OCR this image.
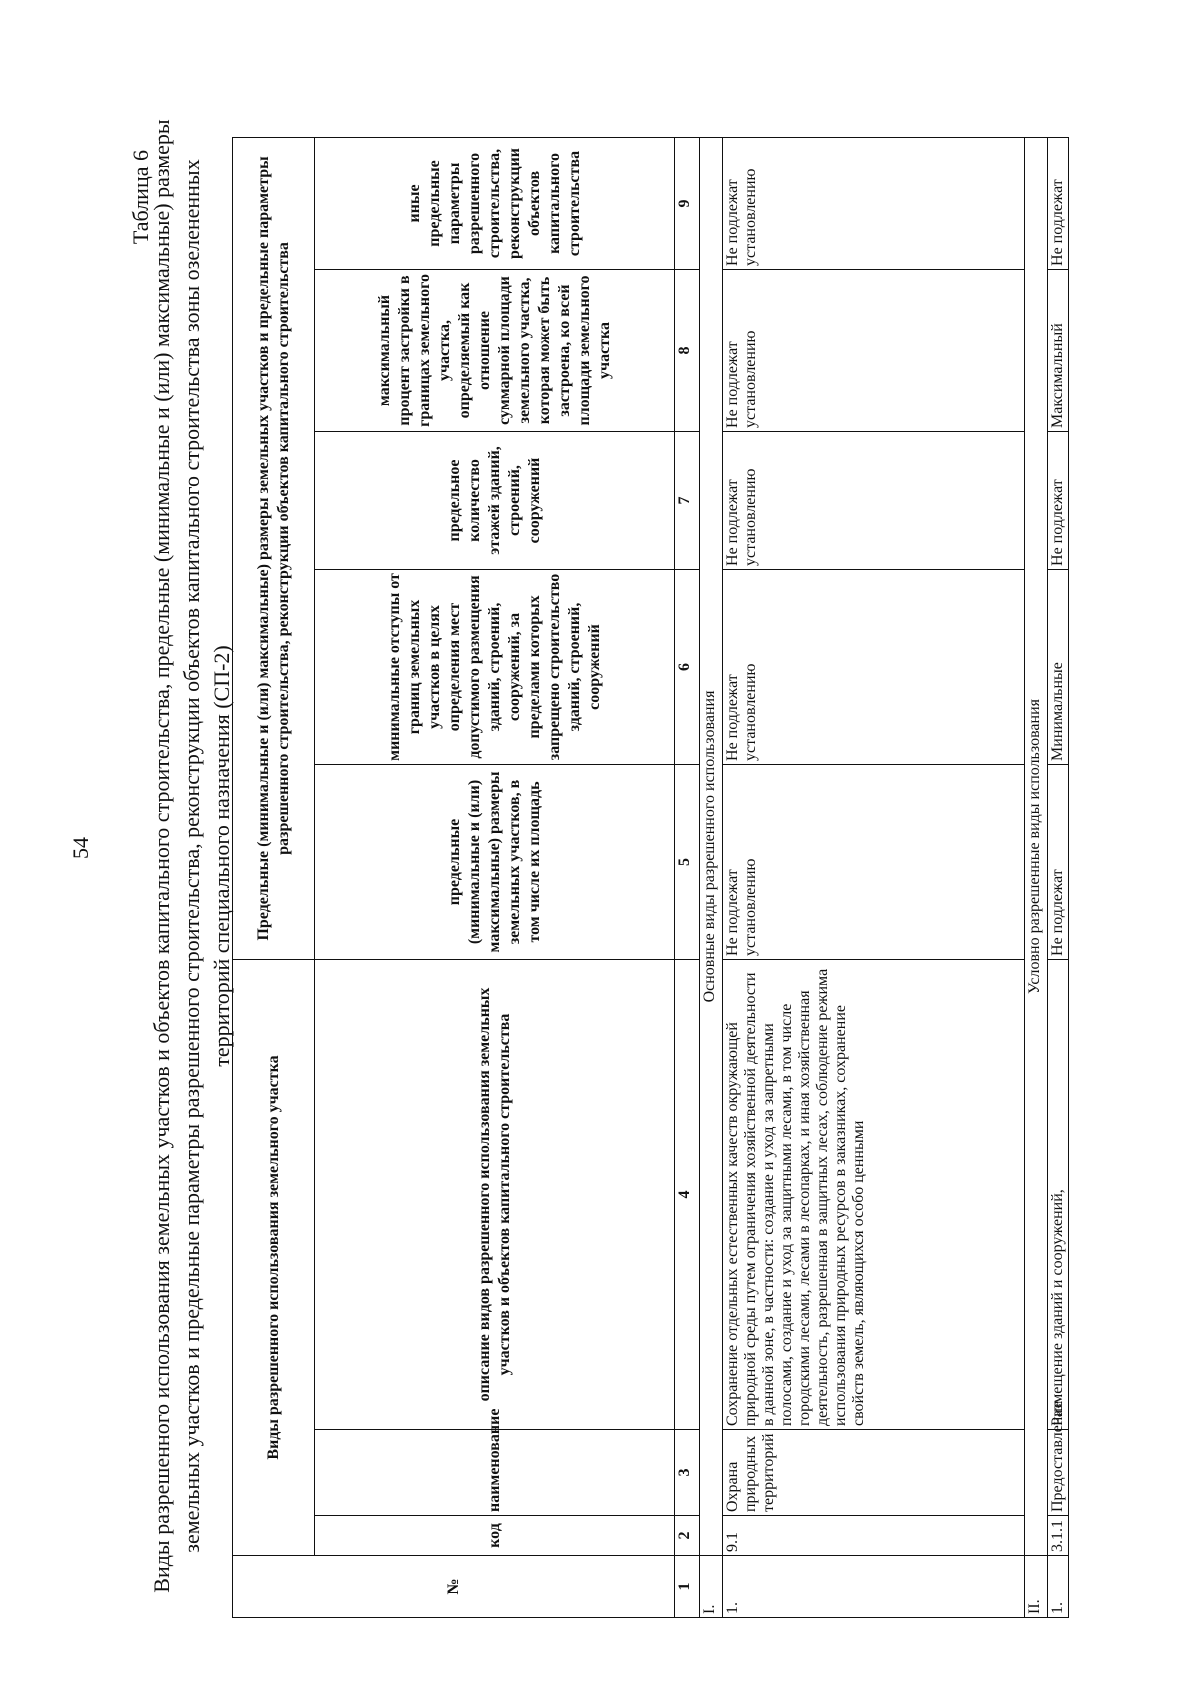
54
Таблица 6
Виды разрешенного использования земельных участков и объектов капитального строительства, предельные (минимальные и (или) максимальные) размеры земельных участков и предельные параметры разрешенного строительства, реконструкции объектов капитального строительства зоны озелененных территорий специального назначения (СП-2)
№	Виды разрешенного использования земельного участка			Предельные (минимальные и (или) максимальные) размеры земельных участков и предельные параметры разрешенного строительства, реконструкции объектов капитального строительства				
	код	наименование	описание видов разрешенного использования земельных участков и объектов капитального строительства	предельные (минимальные и (или) максимальные) размеры земельных участков, в том числе их площадь	минимальные отступы от границ земельных участков в целях определения мест допустимого размещения зданий, строений, сооружений, за пределами которых запрещено строительство зданий, строений, сооружений	предельное количество этажей зданий, строений, сооружений	максимальный процент застройки в границах земельного участка, определяемый как отношение суммарной площади земельного участка, которая может быть застроена, ко всей площади земельного участка	иные предельные параметры разрешенного строительства, реконструкции объектов капитального строительства
1	2	3	4	5	6	7	8	9
I.	Основные виды разрешенного использования							
1.	9.1	Охрана природных территорий	Сохранение отдельных естественных качеств окружающей природной среды путем ограничения хозяйственной деятельности в данной зоне, в частности: создание и уход за запретными полосами, создание и уход за защитными лесами, в том числе городскими лесами, лесами в лесопарках, и иная хозяйственная деятельность, разрешенная в защитных лесах, соблюдение режима использования природных ресурсов в заказниках, сохранение свойств земель, являющихся особо ценными	Не подлежат установлению	Не подлежат установлению	Не подлежат установлению	Не подлежат установлению	Не подлежат установлению
II.	Условно разрешенные виды использования							
1.	3.1.1	Предоставление	Размещение зданий и сооружений,	Не подлежат	Минимальные	Не подлежат	Максимальный	Не подлежат
